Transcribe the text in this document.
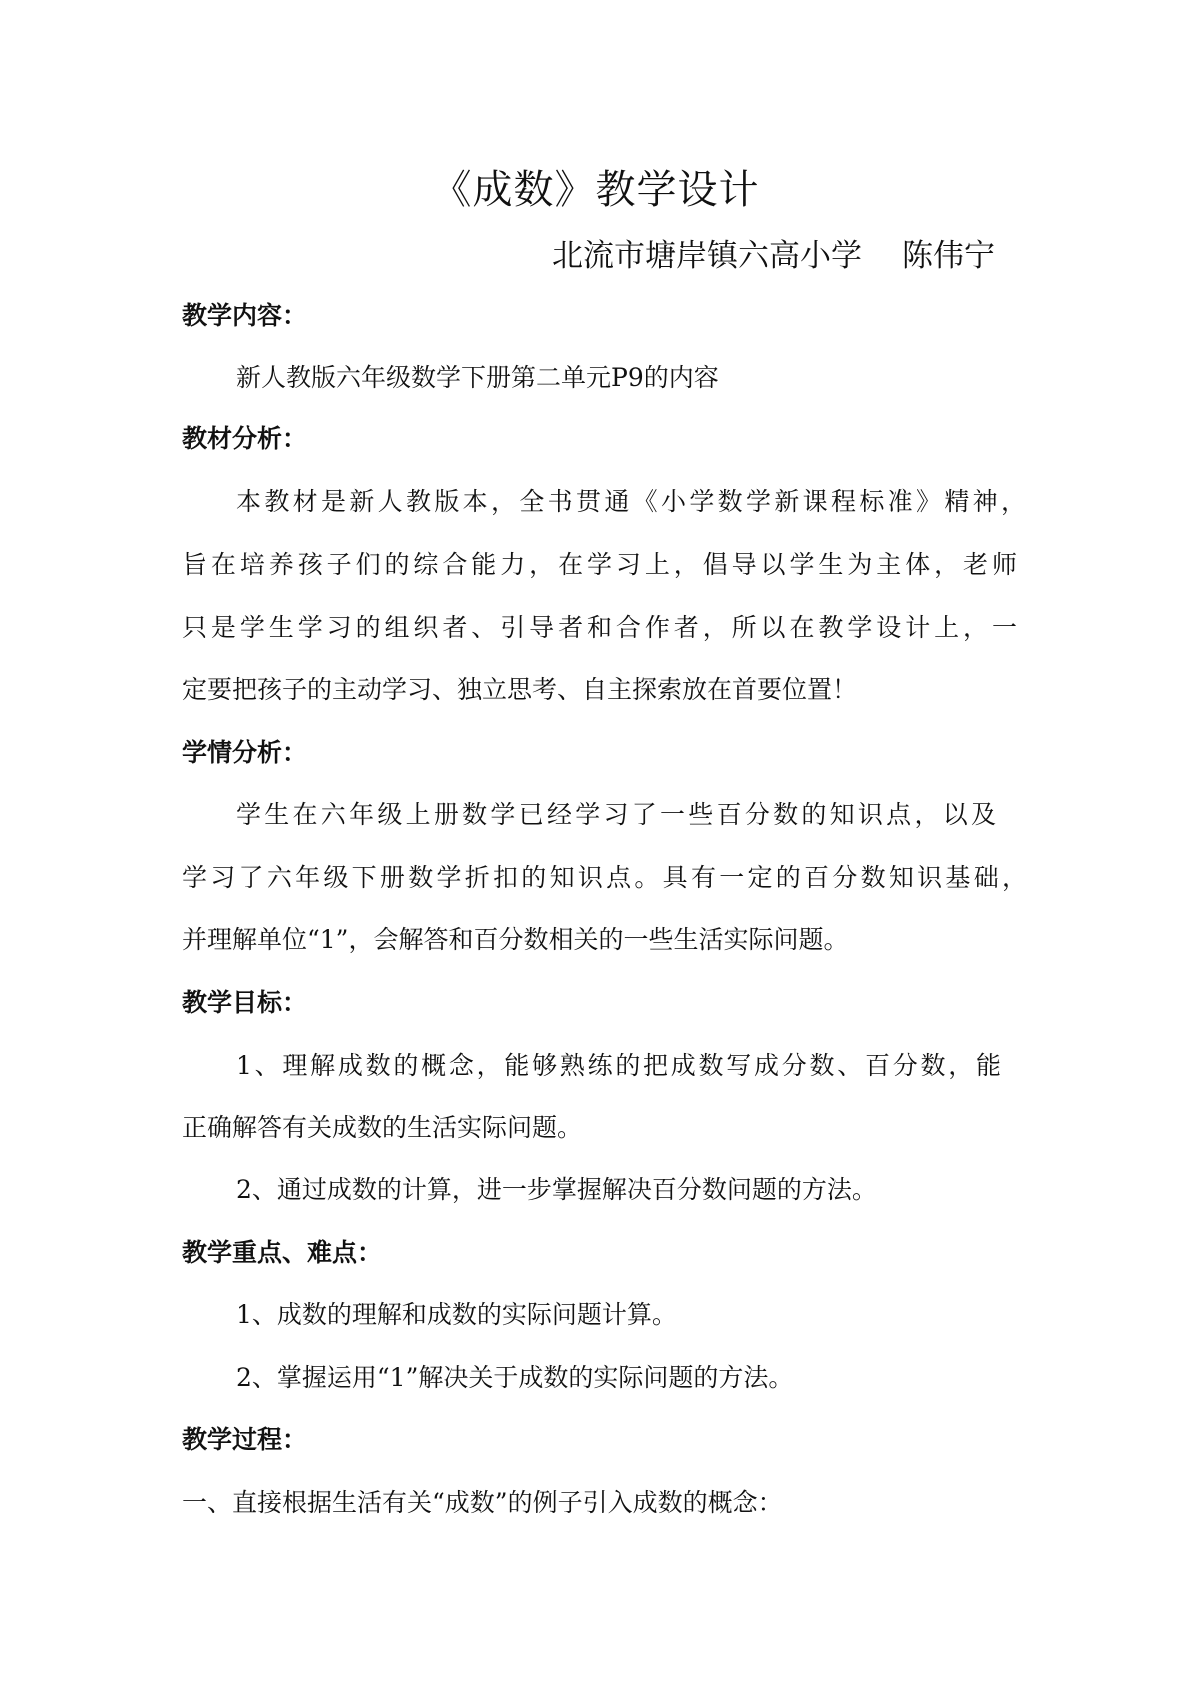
《成数》教学设计
北流市塘岸镇六高小学 陈伟宁
教学内容：
新人教版六年级数学下册第二单元P9的内容
教材分析：
本教材是新人教版本，全书贯通《小学数学新课程标准》精神，
旨在培养孩子们的综合能力，在学习上，倡导以学生为主体，老师
只是学生学习的组织者、引导者和合作者，所以在教学设计上，一
定要把孩子的主动学习、独立思考、自主探索放在首要位置！
学情分析：
学生在六年级上册数学已经学习了一些百分数的知识点，以及
学习了六年级下册数学折扣的知识点。具有一定的百分数知识基础，
并理解单位“1”，会解答和百分数相关的一些生活实际问题。
教学目标：
1、理解成数的概念，能够熟练的把成数写成分数、百分数，能
正确解答有关成数的生活实际问题。
2、通过成数的计算，进一步掌握解决百分数问题的方法。
教学重点、难点：
1、成数的理解和成数的实际问题计算。
2、掌握运用“1”解决关于成数的实际问题的方法。
教学过程：
一、直接根据生活有关“成数”的例子引入成数的概念：
